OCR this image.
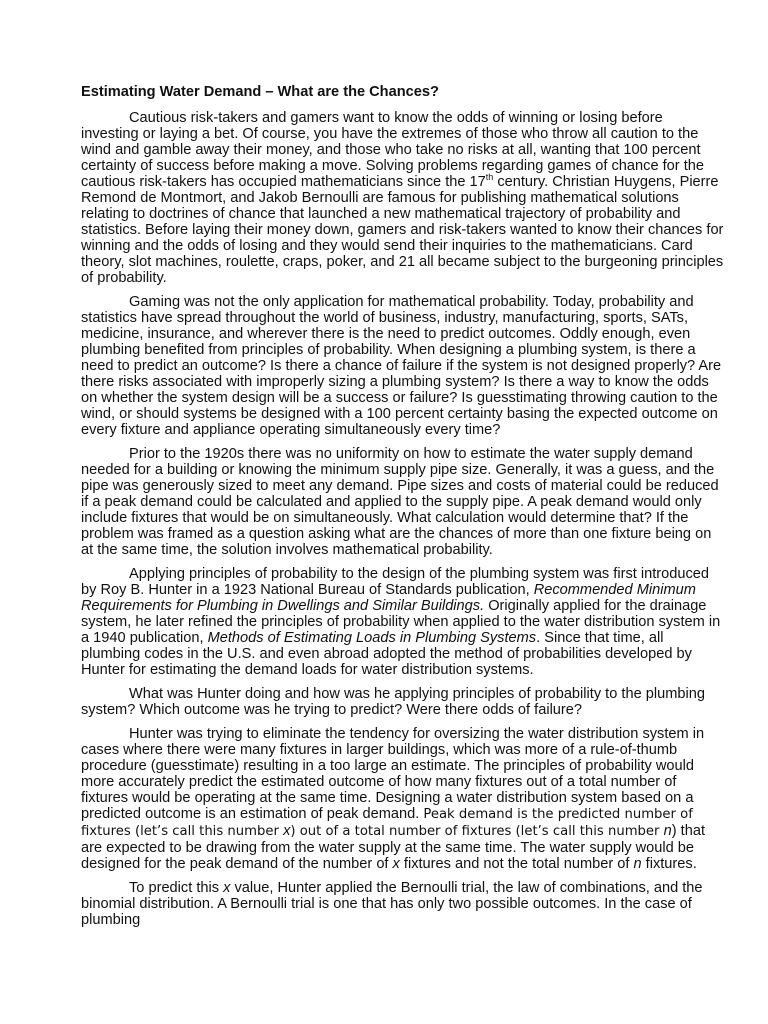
Estimating Water Demand – What are the Chances?

Cautious risk-takers and gamers want to know the odds of winning or losing before investing or laying a bet. Of course, you have the extremes of those who throw all caution to the wind and gamble away their money, and those who take no risks at all, wanting that 100 percent certainty of success before making a move. Solving problems regarding games of chance for the cautious risk-takers has occupied mathematicians since the 17th century. Christian Huygens, Pierre Remond de Montmort, and Jakob Bernoulli are famous for publishing mathematical solutions relating to doctrines of chance that launched a new mathematical trajectory of probability and statistics. Before laying their money down, gamers and risk-takers wanted to know their chances for winning and the odds of losing and they would send their inquiries to the mathematicians. Card theory, slot machines, roulette, craps, poker, and 21 all became subject to the burgeoning principles of probability.

Gaming was not the only application for mathematical probability. Today, probability and statistics have spread throughout the world of business, industry, manufacturing, sports, SATs, medicine, insurance, and wherever there is the need to predict outcomes. Oddly enough, even plumbing benefited from principles of probability. When designing a plumbing system, is there a need to predict an outcome? Is there a chance of failure if the system is not designed properly? Are there risks associated with improperly sizing a plumbing system? Is there a way to know the odds on whether the system design will be a success or failure? Is guesstimating throwing caution to the wind, or should systems be designed with a 100 percent certainty basing the expected outcome on every fixture and appliance operating simultaneously every time?

Prior to the 1920s there was no uniformity on how to estimate the water supply demand needed for a building or knowing the minimum supply pipe size. Generally, it was a guess, and the pipe was generously sized to meet any demand. Pipe sizes and costs of material could be reduced if a peak demand could be calculated and applied to the supply pipe. A peak demand would only include fixtures that would be on simultaneously. What calculation would determine that? If the problem was framed as a question asking what are the chances of more than one fixture being on at the same time, the solution involves mathematical probability.

Applying principles of probability to the design of the plumbing system was first introduced by Roy B. Hunter in a 1923 National Bureau of Standards publication, Recommended Minimum Requirements for Plumbing in Dwellings and Similar Buildings. Originally applied for the drainage system, he later refined the principles of probability when applied to the water distribution system in a 1940 publication, Methods of Estimating Loads in Plumbing Systems. Since that time, all plumbing codes in the U.S. and even abroad adopted the method of probabilities developed by Hunter for estimating the demand loads for water distribution systems.

What was Hunter doing and how was he applying principles of probability to the plumbing system? Which outcome was he trying to predict? Were there odds of failure?

Hunter was trying to eliminate the tendency for oversizing the water distribution system in cases where there were many fixtures in larger buildings, which was more of a rule-of-thumb procedure (guesstimate) resulting in a too large an estimate. The principles of probability would more accurately predict the estimated outcome of how many fixtures out of a total number of fixtures would be operating at the same time. Designing a water distribution system based on a predicted outcome is an estimation of peak demand. Peak demand is the predicted number of fixtures (let’s call this number x) out of a total number of fixtures (let’s call this number n) that are expected to be drawing from the water supply at the same time. The water supply would be designed for the peak demand of the number of x fixtures and not the total number of n fixtures.

To predict this x value, Hunter applied the Bernoulli trial, the law of combinations, and the binomial distribution. A Bernoulli trial is one that has only two possible outcomes. In the case of plumbing
